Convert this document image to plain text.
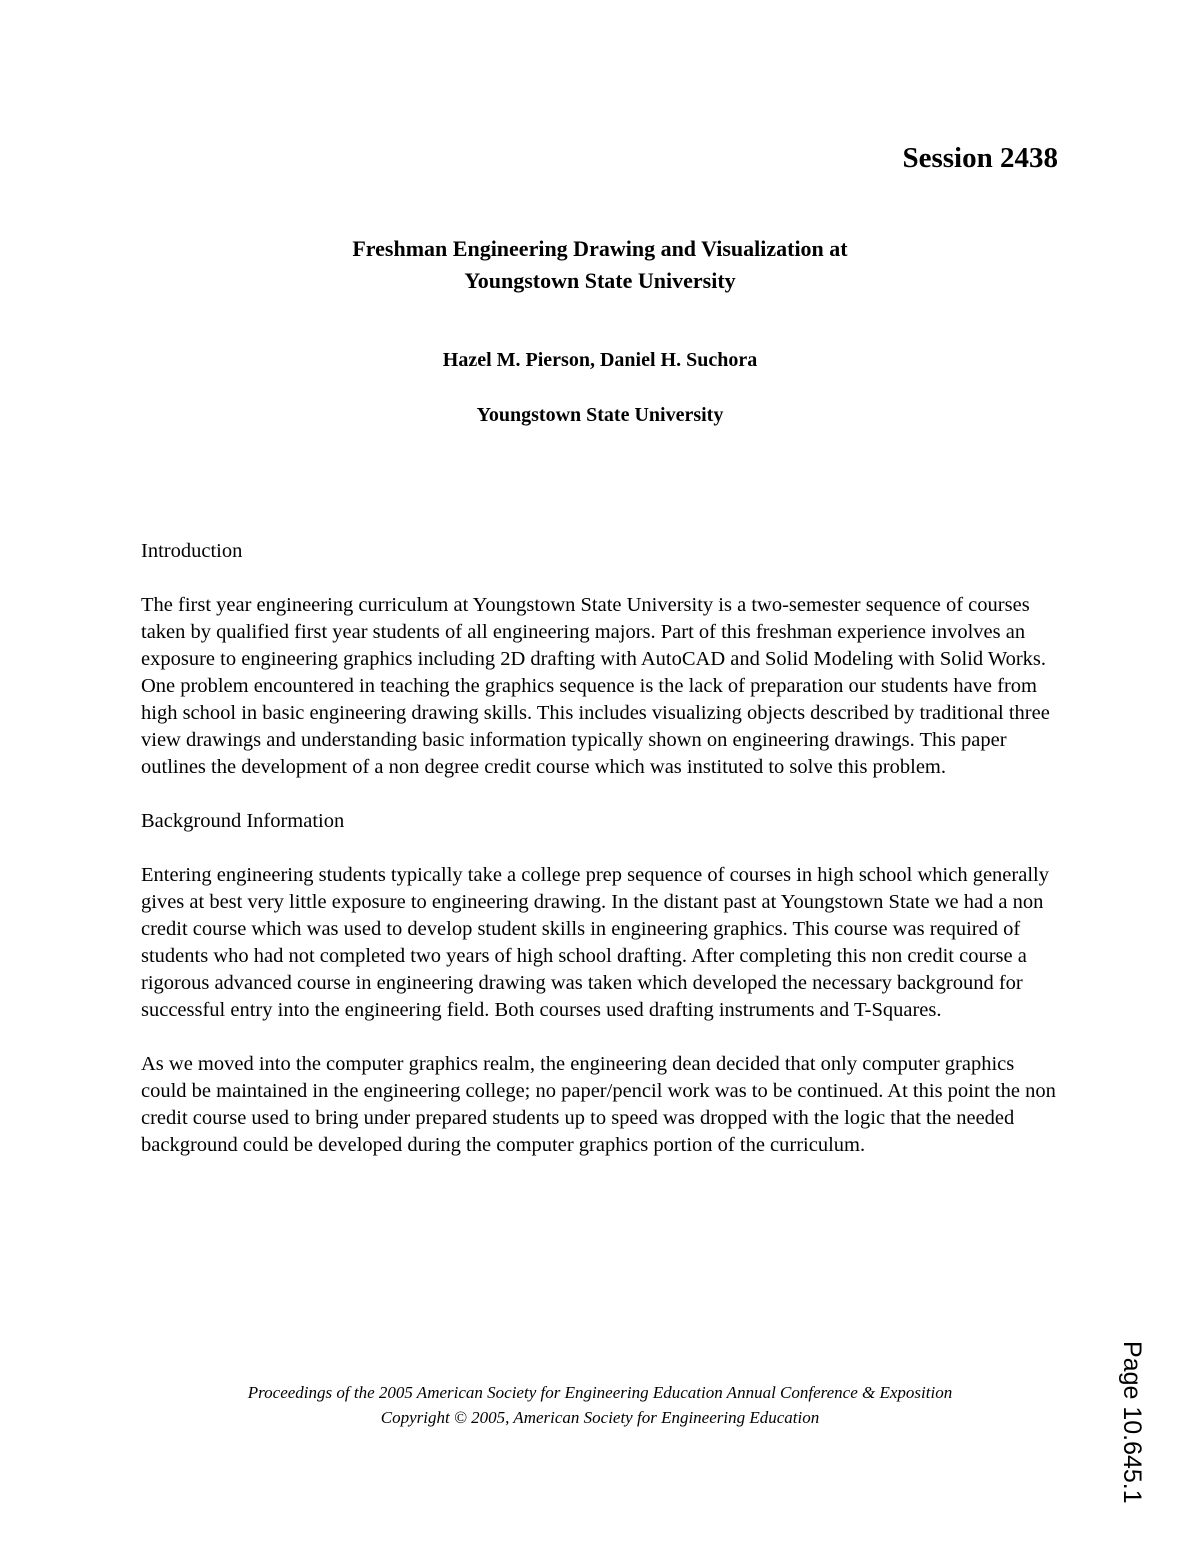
Session 2438
Freshman Engineering Drawing and Visualization at
Youngstown State University
Hazel M. Pierson, Daniel H. Suchora
Youngstown State University
Introduction

The first year engineering curriculum at Youngstown State University is a two-semester sequence of courses taken by qualified first year students of all engineering majors. Part of this freshman experience involves an exposure to engineering graphics including 2D drafting with AutoCAD and Solid Modeling with Solid Works. One problem encountered in teaching the graphics sequence is the lack of preparation our students have from high school in basic engineering drawing skills. This includes visualizing objects described by traditional three view drawings and understanding basic information typically shown on engineering drawings. This paper outlines the development of a non degree credit course which was instituted to solve this problem.

Background Information

Entering engineering students typically take a college prep sequence of courses in high school which generally gives at best very little exposure to engineering drawing. In the distant past at Youngstown State we had a non credit course which was used to develop student skills in engineering graphics. This course was required of students who had not completed two years of high school drafting. After completing this non credit course a rigorous advanced course in engineering drawing was taken which developed the necessary background for successful entry into the engineering field. Both courses used drafting instruments and T-Squares.

As we moved into the computer graphics realm, the engineering dean decided that only computer graphics could be maintained in the engineering college; no paper/pencil work was to be continued. At this point the non credit course used to bring under prepared students up to speed was dropped with the logic that the needed background could be developed during the computer graphics portion of the curriculum.

Proceedings of the 2005 American Society for Engineering Education Annual Conference & Exposition
Copyright © 2005, American Society for Engineering Education	Page 10.645.1
